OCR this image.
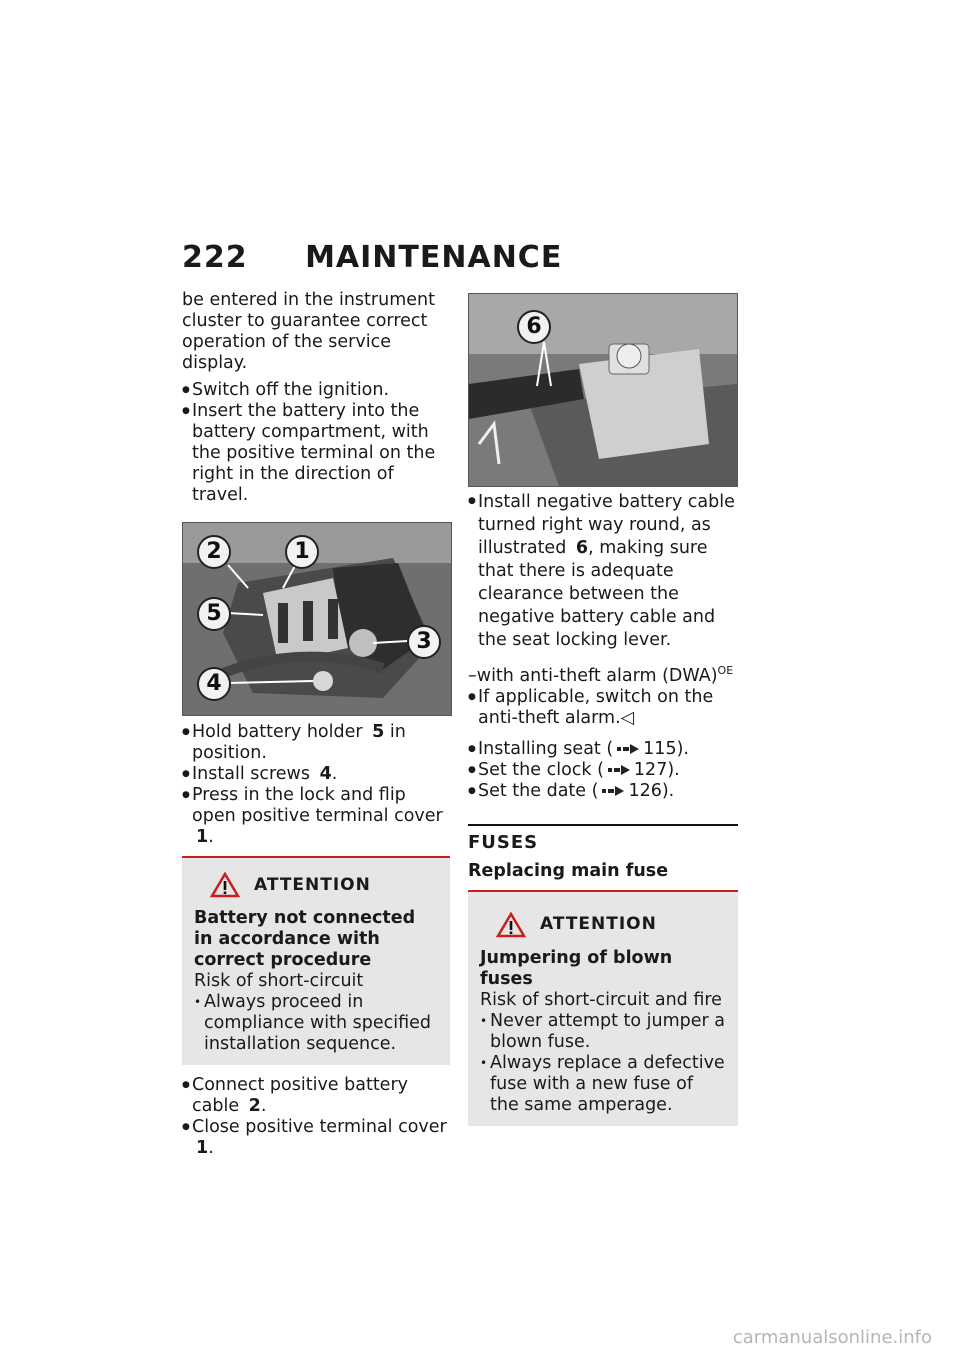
222 MAINTENANCE

be entered in the instrument cluster to guarantee correct operation of the service display.

● Switch off the ignition.
● Insert the battery into the battery compartment, with the positive terminal on the right in the direction of travel.
2	1
5
3
4
● Hold battery holder 5 in position.
● Install screws 4.
● Press in the lock and flip open positive terminal cover 1.
ATTENTION

Battery not connected in accordance with correct procedure

Risk of short-circuit

• Always proceed in compliance with specified installation sequence.
● Connect positive battery cable 2.
● Close positive terminal cover 1.
6
● Install negative battery cable turned right way round, as illustrated 6, making sure that there is adequate clearance between the negative battery cable and the seat locking lever.

–with anti-theft alarm (DWA)$^{OE}$

● If applicable, switch on the anti-theft alarm.◁
● Installing seat ( 115).
● Set the clock ( 127).
● Set the date ( 126).
FUSES
Replacing main fuse
ATTENTION

Jumpering of blown fuses

Risk of short-circuit and fire

• Never attempt to jumper a blown fuse.
• Always replace a defective fuse with a new fuse of the same amperage.
carmanualsonline.info
